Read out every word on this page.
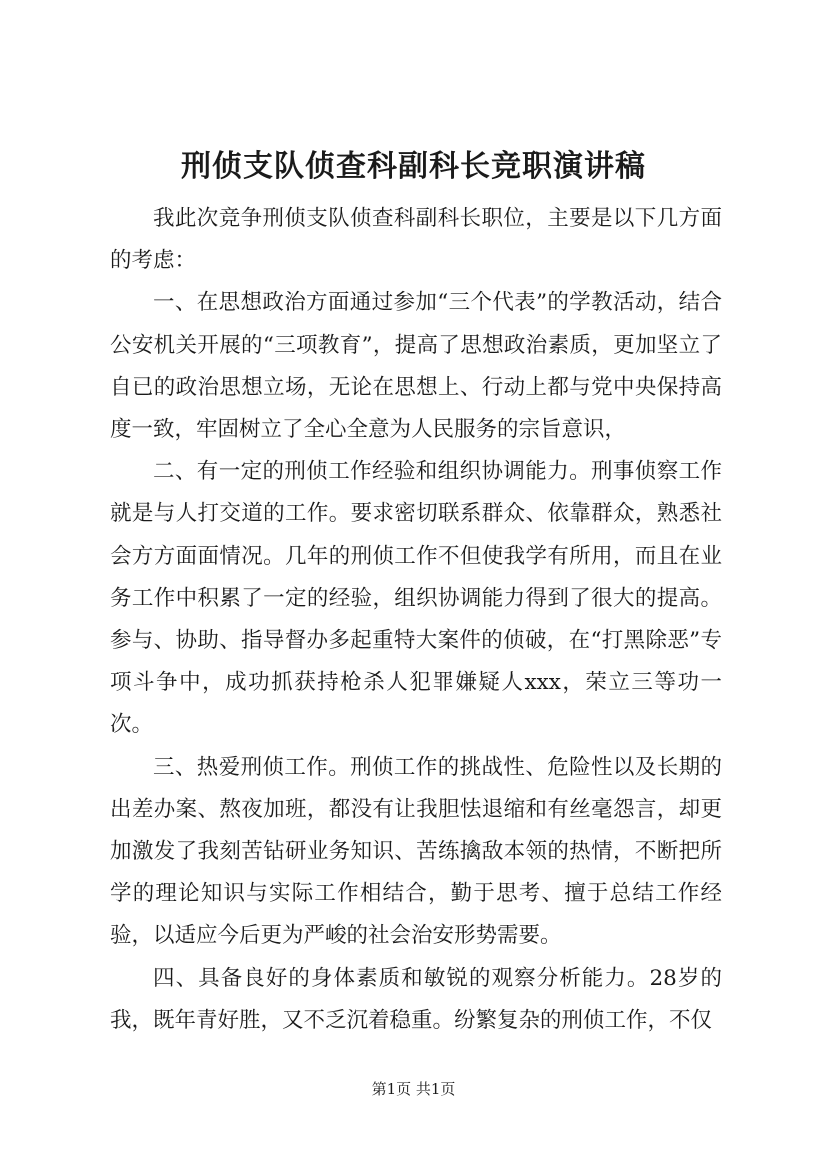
刑侦支队侦查科副科长竞职演讲稿

我此次竞争刑侦支队侦查科副科长职位，主要是以下几方面的考虑：

一、在思想政治方面通过参加“三个代表”的学教活动，结合公安机关开展的“三项教育”，提高了思想政治素质，更加坚立了自已的政治思想立场，无论在思想上、行动上都与党中央保持高度一致，牢固树立了全心全意为人民服务的宗旨意识，

二、有一定的刑侦工作经验和组织协调能力。刑事侦察工作就是与人打交道的工作。要求密切联系群众、依靠群众，熟悉社会方方面面情况。几年的刑侦工作不但使我学有所用，而且在业务工作中积累了一定的经验，组织协调能力得到了很大的提高。参与、协助、指导督办多起重特大案件的侦破，在“打黑除恶”专项斗争中，成功抓获持枪杀人犯罪嫌疑人xxx，荣立三等功一次。

三、热爱刑侦工作。刑侦工作的挑战性、危险性以及长期的出差办案、熬夜加班，都没有让我胆怯退缩和有丝毫怨言，却更加激发了我刻苦钻研业务知识、苦练擒敌本领的热情，不断把所学的理论知识与实际工作相结合，勤于思考、擅于总结工作经验，以适应今后更为严峻的社会治安形势需要。

四、具备良好的身体素质和敏锐的观察分析能力。28岁的我，既年青好胜，又不乏沉着稳重。纷繁复杂的刑侦工作，不仅

第1页 共1页
